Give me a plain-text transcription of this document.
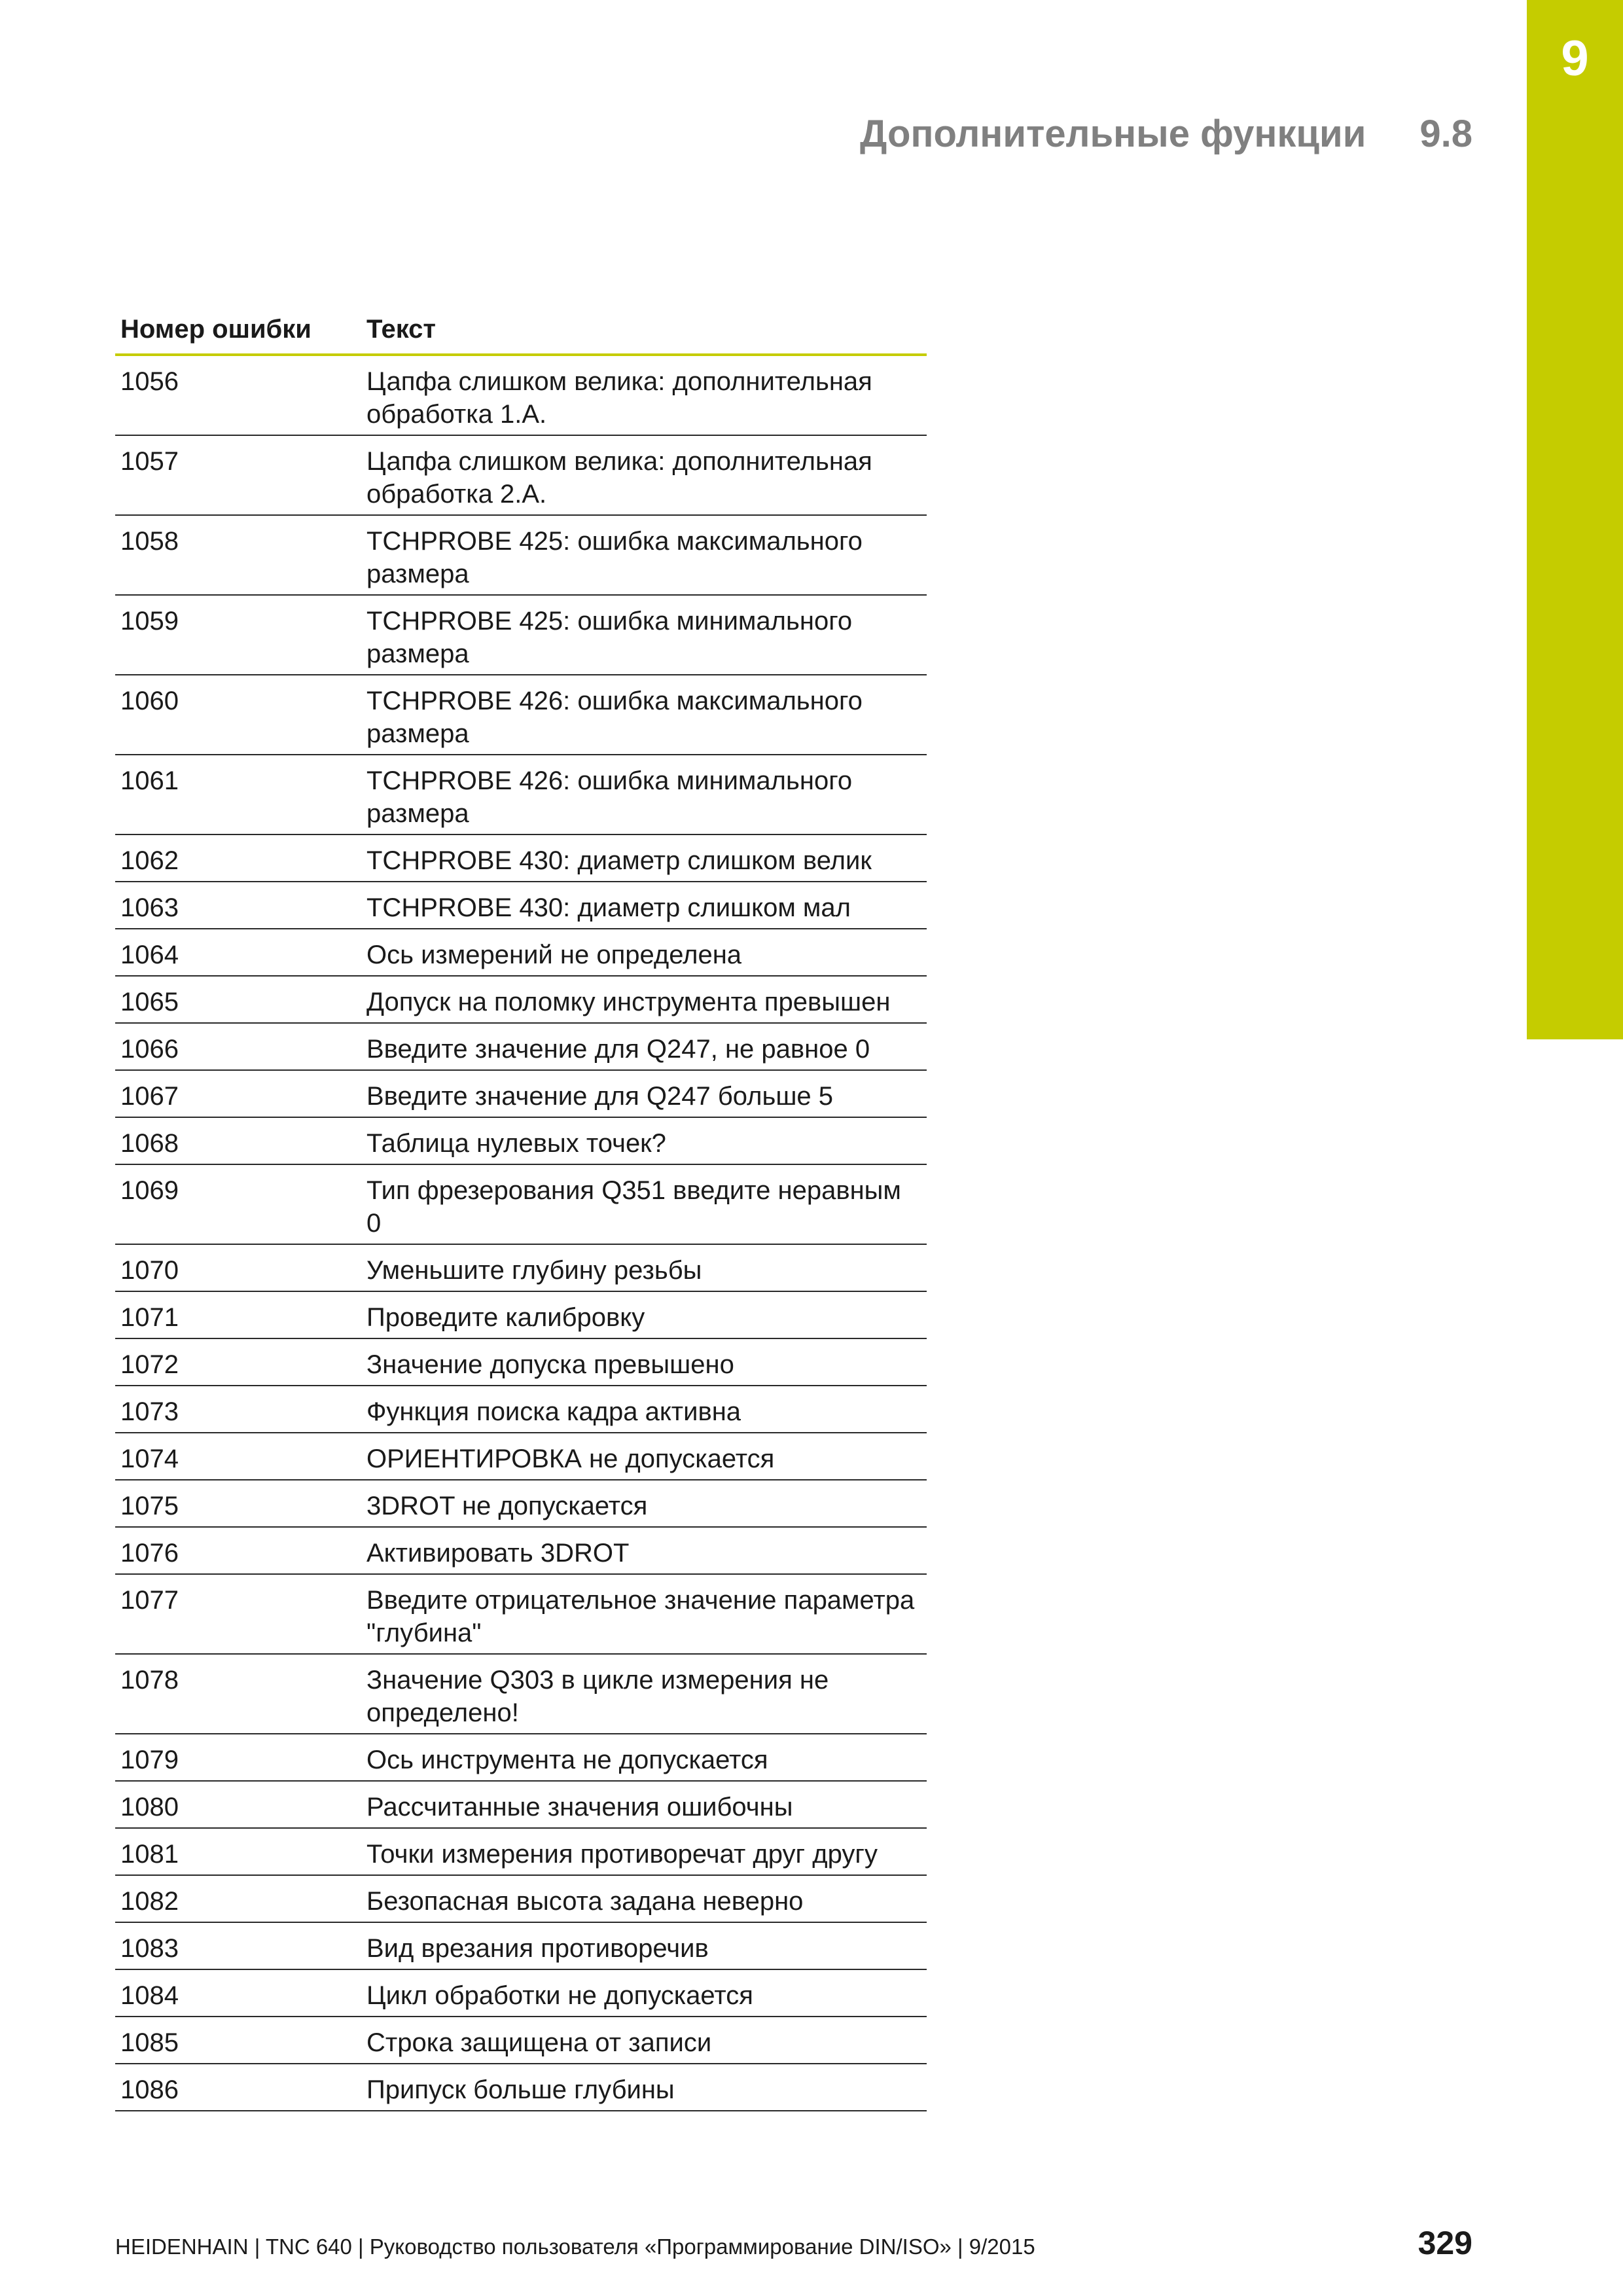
9
Дополнительные функции 9.8
Номер ошибки	Текст
1056	Цапфа слишком велика: дополнительная обработка 1.A.
1057	Цапфа слишком велика: дополнительная обработка 2.A.
1058	TCHPROBE 425: ошибка максимального размера
1059	TCHPROBE 425: ошибка минимального размера
1060	TCHPROBE 426: ошибка максимального размера
1061	TCHPROBE 426: ошибка минимального размера
1062	TCHPROBE 430: диаметр слишком велик
1063	TCHPROBE 430: диаметр слишком мал
1064	Ось измерений не определена
1065	Допуск на поломку инструмента превышен
1066	Введите значение для Q247, не равное 0
1067	Введите значение для Q247 больше 5
1068	Таблица нулевых точек?
1069	Тип фрезерования Q351 введите неравным 0
1070	Уменьшите глубину резьбы
1071	Проведите калибровку
1072	Значение допуска превышено
1073	Функция поиска кадра активна
1074	ОРИЕНТИРОВКА не допускается
1075	3DROT не допускается
1076	Активировать 3DROT
1077	Введите отрицательное значение параметра "глубина"
1078	Значение Q303 в цикле измерения не определено!
1079	Ось инструмента не допускается
1080	Рассчитанные значения ошибочны
1081	Точки измерения противоречат друг другу
1082	Безопасная высота задана неверно
1083	Вид врезания противоречив
1084	Цикл обработки не допускается
1085	Строка защищена от записи
1086	Припуск больше глубины
HEIDENHAIN | TNC 640 | Руководство пользователя «Программирование DIN/ISO» | 9/2015	329
